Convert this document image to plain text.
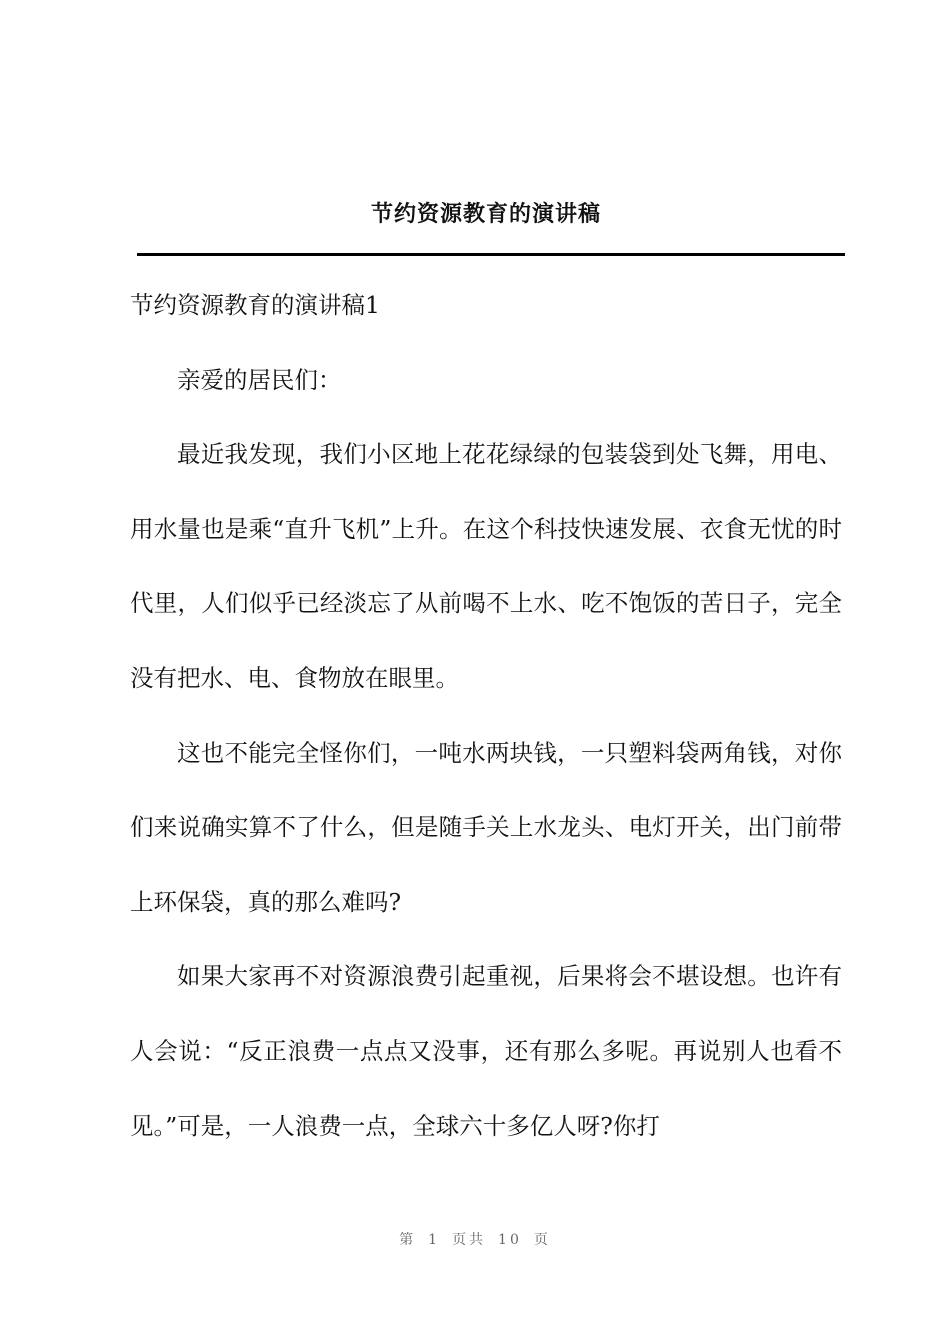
节约资源教育的演讲稿

节约资源教育的演讲稿1

亲爱的居民们：

最近我发现，我们小区地上花花绿绿的包装袋到处飞舞，用电、用水量也是乘“直升飞机”上升。在这个科技快速发展、衣食无忧的时代里，人们似乎已经淡忘了从前喝不上水、吃不饱饭的苦日子，完全没有把水、电、食物放在眼里。

这也不能完全怪你们，一吨水两块钱，一只塑料袋两角钱，对你们来说确实算不了什么，但是随手关上水龙头、电灯开关，出门前带上环保袋，真的那么难吗?

如果大家再不对资源浪费引起重视，后果将会不堪设想。也许有人会说：“反正浪费一点点又没事，还有那么多呢。再说别人也看不见。”可是，一人浪费一点，全球六十多亿人呀?你打

第 1 页共 10 页
